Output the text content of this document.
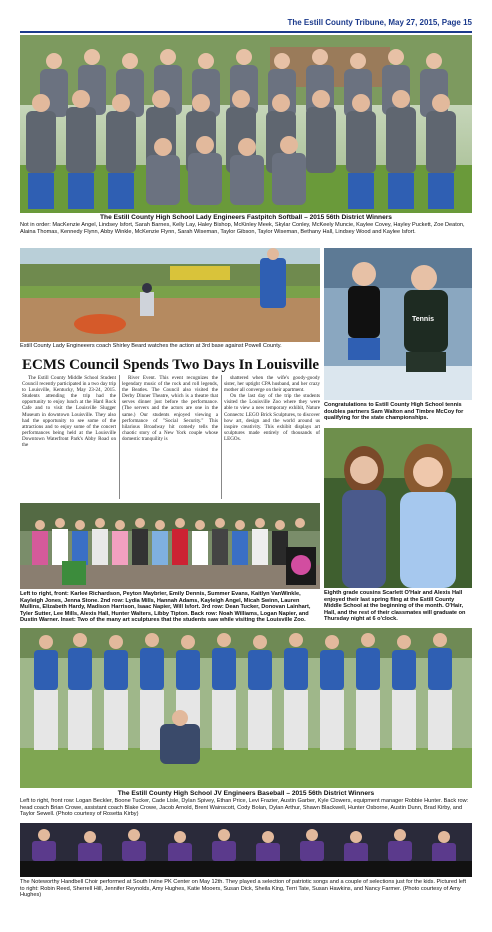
The Estill County Tribune, May 27, 2015, Page 15
The Estill County High School Lady Engineers Fastpitch Softball – 2015 56th District Winners
Not in order: MacKenzie Angel, Lindsey Isfort, Sarah Barnes, Kelly Lay, Haley Bishop, McKinley Meek, Skylar Conley, McKeely Muncie, Kaylee Covey, Hayley Puckett, Zoe Deaton, Alaina Thomas, Kennedy Flynn, Abby Winkle, McKenzie Flynn, Sarah Wiseman, Taylor Gibson, Taylor Wiseman, Bethany Hall, Lindsey Wood and Kaylee Isfort.
Estill County Lady Engineeers coach Shirley Beard watches the action at 3rd base against Powell County.
Tennis
Congratulations to Estill County High School tennis doubles partners Sam Walton and Timbre McCoy for qualifying for the state championships.
ECMS Council Spends Two Days In Louisville

The Estill County Middle School Student Council recently participated in a two day trip to Louisville, Kentucky, May 23-24, 2015. Students attending the trip had the opportunity to enjoy lunch at the Hard Rock Cafe and to visit the Louisville Slugger Museum in downtown Louisville. They also had the opportunity to see some of the attractions and to enjoy some of the concert performances being held at the Louisville Downtown Waterfront Park's Abby Road on the

River Event. This event recognizes the legendary music of the rock and roll legends, the Beatles. The Council also visited the Derby Dinner Theatre, which is a theatre that serves dinner just before the performance. (The servers and the actors are one in the same.) Our students enjoyed viewing a performance of "Social Security." This hilarious Broadway hit comedy tells the chaotic story of a New York couple whose domestic tranquility is

shattered when the wife's goody-goody sister, her uptight CPA husband, and her crazy mother all converge on their apartment.

On the last day of the trip the students visited the Louisville Zoo where they were able to view a new temporary exhibit, Nature Connects: LEGO Brick Sculptures, to discover how art, design and the world around us inspire creativity. This exhibit displays art sculptures made entirely of thousands of LEGOs.

Left to right, front: Karlee Richardson, Peyton Maybrier, Emily Dennis, Summer Evans, Kaitlyn VanWinkle, Kayleigh Jones, Jenna Stone. 2nd row: Lydia Mills, Hannah Adams, Kayleigh Angel, Micah Swinn, Lauren Mullins, Elizabeth Hardy, Madison Harrison, Isaac Napier, Will Isfort. 3rd row: Dean Tucker, Donovan Lainhart, Tyler Sutter, Lee Mills, Alexis Hall, Hunter Walters, Libby Tipton. Back row: Noah Williams, Logan Napier, and Dustin Warner. Inset: Two of the many art sculptures that the students saw while visiting the Louisville Zoo.
Eighth grade cousins Scarlett O'Hair and Alexis Hall enjoyed their last spring fling at the Estill County Middle School at the beginning of the month. O'Hair, Hall, and the rest of their classmates will graduate on Thursday night at 6 o'clock.
The Estill County High School JV Engineers Baseball – 2015 56th District Winners
Left to right, front row: Logan Beckler, Boone Tucker, Cade Lisle, Dylan Spivey, Ethan Price, Levi Frazier, Austin Garber, Kyle Clowers, equipment manager Robbie Hunter. Back row: head coach Brian Crowe, assistant coach Blake Crowe, Jacob Arnold, Brent Wainscott, Cody Bolan, Dylan Arthur, Shawn Blackwell, Hunter Osborne, Austin Dunn, Brad Kirby, and Taylor Sewell. (Photo courtesy of Rosetta Kirby)
The Noteworthy Handbell Choir performed at South Irvine PK Center on May 12th. They played a selection of patriotic songs and a couple of selections just for the kids. Pictured left to right: Robin Reed, Sherrell Hill, Jennifer Reynolds, Amy Hughes, Katie Mooers, Susan Dick, Sheila King, Terri Tate, Susan Hawkins, and Nancy Farmer. (Photo courtesy of Amy Hughes)
